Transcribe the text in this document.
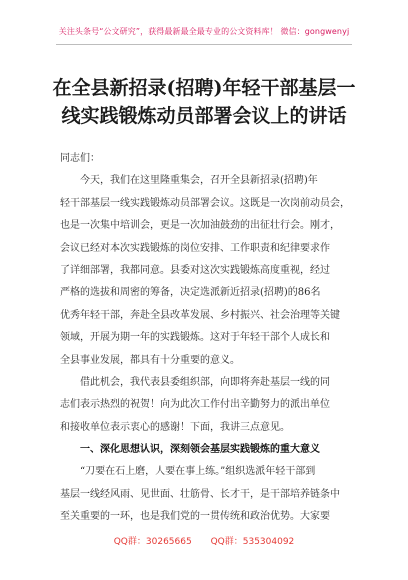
关注头条号“公文研究”，获得最新最全最专业的公文资料库！ 微信：gongwenyj
在全县新招录(招聘)年轻干部基层一
线实践锻炼动员部署会议上的讲话
同志们：
今天，我们在这里隆重集会，召开全县新招录(招聘)年
轻干部基层一线实践锻炼动员部署会议。这既是一次岗前动员会，
也是一次集中培训会，更是一次加油鼓劲的出征壮行会。刚才，
会议已经对本次实践锻炼的岗位安排、工作职责和纪律要求作
了详细部署，我都同意。县委对这次实践锻炼高度重视，经过
严格的选拔和周密的筹备，决定选派新近招录(招聘)的86名
优秀年轻干部，奔赴全县改革发展、乡村振兴、社会治理等关键
领域，开展为期一年的实践锻炼。这对于年轻干部个人成长和
全县事业发展，都具有十分重要的意义。
借此机会，我代表县委组织部，向即将奔赴基层一线的同
志们表示热烈的祝贺！向为此次工作付出辛勤努力的派出单位
和接收单位表示衷心的感谢！下面，我讲三点意见。
一、深化思想认识，深刻领会基层实践锻炼的重大意义
“刀要在石上磨，人要在事上练。”组织选派年轻干部到
基层一线经风雨、见世面、壮筋骨、长才干，是干部培养链条中
至关重要的一环，也是我们党的一贯传统和政治优势。大家要
QQ群：30265665 QQ群：535304092
